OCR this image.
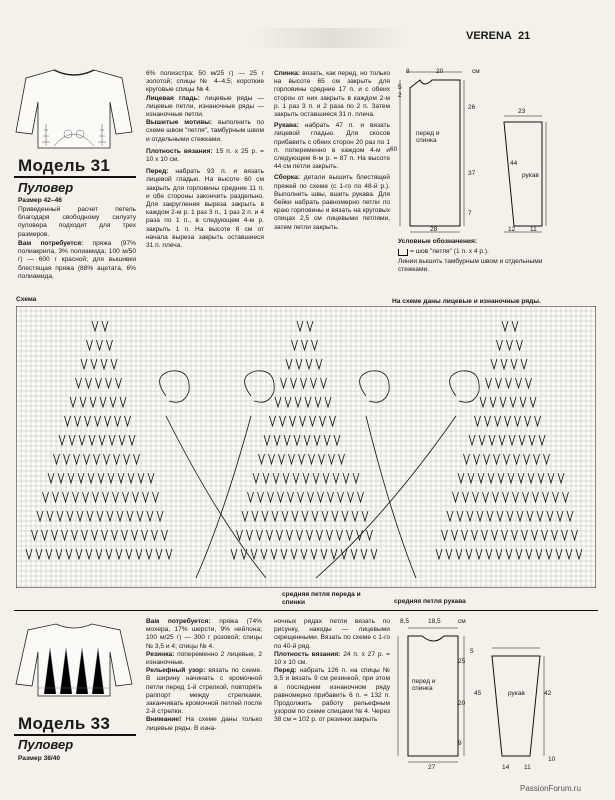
VERENA 21
Модель 31
Пуловер
Размер 42–46
Приведенный расчет петель благодаря свободному силуэту пуловера подходит для трех размеров.
Вам потребуется: пряжа (97% полиакрила, 3% полиамида; 100 м/50 г) — 600 г красной; для вышивки блестящая пряжа (88% ацетата, 6% полиамида,
6% полиэстра; 50 м/25 г) — 25 г золотой; спицы № 4–4,5; короткие круговые спицы № 4.
Лицевая гладь: лицевые ряды — лицевые петли, изнаночные ряды — изнаночные петли.
Вышитые мотивы: выполнить по схеме швом "петля", тамбурным швом и отдельными стежками.
Плотность вязания: 15 п. х 25 р. = 10 х 10 см.
Перед: набрать 93 п. и вязать лицевой гладью. На высоте 60 см закрыть для горловины средние 11 п. и обе стороны закончить раздельно. Для закругления выреза закрыть в каждом 2-м р. 1 раз 3 п., 1 раз 2 п. и 4 раза по 1 п., в следующем 4-м р. закрыть 1 п. На высоте 8 см от начала выреза закрыть оставшиеся 31 п. плеча.
Спинка: вязать, как перед, но только на высоте 65 см закрыть для горловины средние 17 п. и с обеих сторон от них закрыть в каждом 2-м р. 1 раз 3 п. и 2 раза по 2 п. Затем закрыть оставшиеся 31 п. плеча.
Рукава: набрать 47 п. и вязать лицевой гладью. Для скосов прибавить с обеих сторон 20 раз по 1 п. попеременно в каждом 4-м и следующем 6-м р. = 87 п. На высоте 44 см петли закрыть.
Сборка: детали вышить блестящей пряжей по схеме (с 1-го по 48-й р.). Выполнить швы, вшить рукава. Для бейки набрать равномерно петли по краю горловины и вязать на круговых спицах 2,5 см лицевыми петлями, затем петли закрыть.
см
8	20
5
2
60
26
37
7
28
23
44
12 11
перед и спинка
рукав
Условные обозначения:
= шов "петля" (1 п. х 4 р.).
Линии вышить тамбурным швом и отдельными стежками.
Схема	На схеме даны лицевые и изнаночные ряды.
средняя петля переда и спинки	средняя петля рукава
Модель 33
Пуловер
Размер 38/40
Вам потребуется: пряжа (74% мохера, 17% шерсти, 9% нейлона; 100 м/25 г) — 300 г розовой; спицы № 3,5 и 4; спицы № 4.
Резинка: попеременно 2 лицевые, 2 изнаночные.
Рельефный узор: вязать по схеме. В ширину начинать с кромочной петли перед 1-й стрелкой, повторять раппорт между стрелками, заканчивать кромочной петлей после 2-й стрелки.
Внимание! На схеме даны только лицевые ряды. В изна-
ночных рядах петли вязать по рисунку, накиды — лицевыми скрещенными. Вязать по схеме с 1-го по 40-й ряд.
Плотность вязания: 24 п. х 27 р. = 10 х 10 см.
Перед: набрать 126 п. на спицы № 3,5 и вязать 9 см резинкой, при этом в последнем изнаночном ряду равномерно прибавить 6 п. = 132 п. Продолжить работу рельефным узором по схеме спицами № 4. Через 38 см = 102 р. от резинки закрыть
8,5	18,5	см
25
20
45
9
27
10
42
5
14 11
перед и спинка
рукав
PassionForum.ru
